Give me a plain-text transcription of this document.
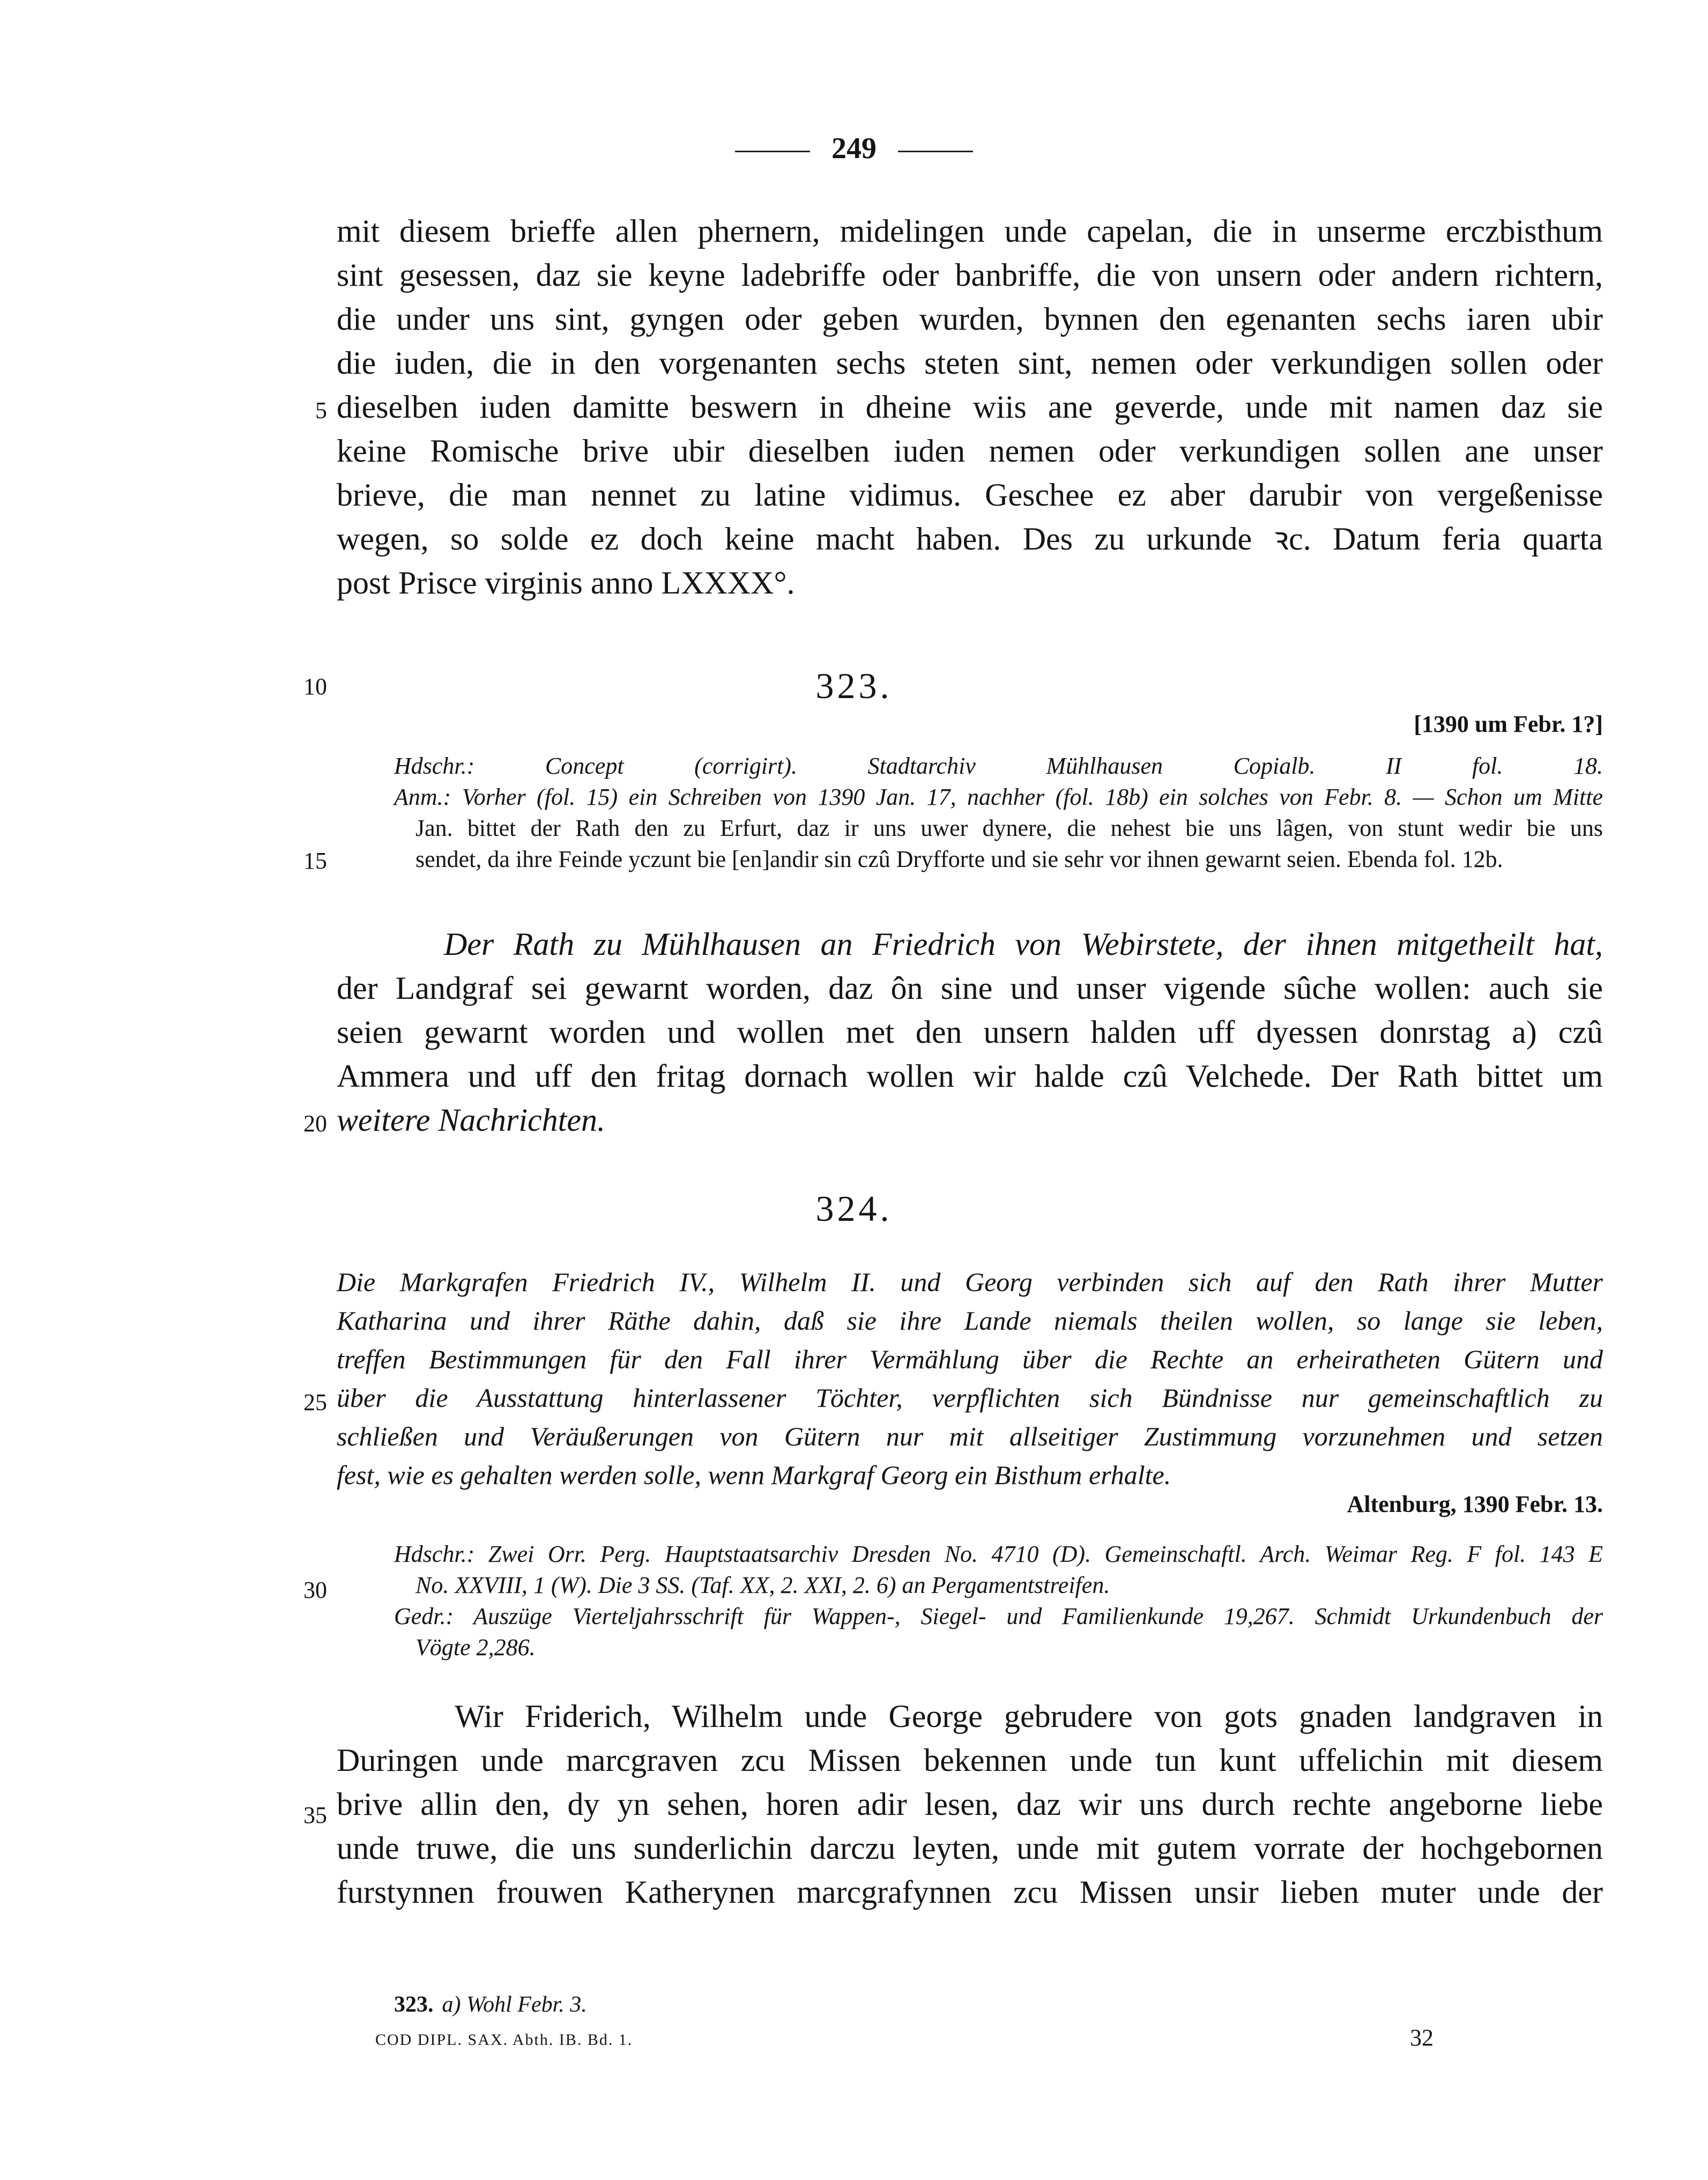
249
mit diesem brieffe allen phernern, midelingen unde capelan, die in unserme erczbisthum
sint gesessen, daz sie keyne ladebriffe oder banbriffe, die von unsern oder andern richtern,
die under uns sint, gyngen oder geben wurden, bynnen den egenanten sechs iaren ubir
die iuden, die in den vorgenanten sechs steten sint, nemen oder verkundigen sollen oder
dieselben iuden damitte beswern in dheine wiis ane geverde, unde mit namen daz sie
keine Romische brive ubir dieselben iuden nemen oder verkundigen sollen ane unser
brieve, die man nennet zu latine vidimus. Geschee ez aber darubir von vergeßenisse
wegen, so solde ez doch keine macht haben. Des zu urkunde ꝛc. Datum feria quarta
post Prisce virginis anno LXXXX°.
5
10
15
20
25
30
35
323.
[1390 um Febr. 1?]
Hdschr.: Concept (corrigirt). Stadtarchiv Mühlhausen Copialb. II fol. 18.
Anm.: Vorher (fol. 15) ein Schreiben von 1390 Jan. 17, nachher (fol. 18b) ein solches von Febr. 8. — Schon um Mitte
Jan. bittet der Rath den zu Erfurt, daz ir uns uwer dynere, die nehest bie uns lâgen, von stunt wedir bie uns
sendet, da ihre Feinde yczunt bie [en]andir sin czû Dryfforte und sie sehr vor ihnen gewarnt seien. Ebenda fol. 12b.
Der Rath zu Mühlhausen an Friedrich von Webirstete, der ihnen mitgetheilt hat,
der Landgraf sei gewarnt worden, daz ôn sine und unser vigende sûche wollen: auch sie
seien gewarnt worden und wollen met den unsern halden uff dyessen donrstag a) czû
Ammera und uff den fritag dornach wollen wir halde czû Velchede. Der Rath bittet um
weitere Nachrichten.
324.
Die Markgrafen Friedrich IV., Wilhelm II. und Georg verbinden sich auf den Rath ihrer Mutter
Katharina und ihrer Räthe dahin, daß sie ihre Lande niemals theilen wollen, so lange sie leben,
treffen Bestimmungen für den Fall ihrer Vermählung über die Rechte an erheiratheten Gütern und
über die Ausstattung hinterlassener Töchter, verpflichten sich Bündnisse nur gemeinschaftlich zu
schließen und Veräußerungen von Gütern nur mit allseitiger Zustimmung vorzunehmen und setzen
fest, wie es gehalten werden solle, wenn Markgraf Georg ein Bisthum erhalte.
Altenburg, 1390 Febr. 13.
Hdschr.: Zwei Orr. Perg. Hauptstaatsarchiv Dresden No. 4710 (D). Gemeinschaftl. Arch. Weimar Reg. F fol. 143 E
No. XXVIII, 1 (W). Die 3 SS. (Taf. XX, 2. XXI, 2. 6) an Pergamentstreifen.
Gedr.: Auszüge Vierteljahrsschrift für Wappen-, Siegel- und Familienkunde 19,267. Schmidt Urkundenbuch der
Vögte 2,286.
Wir Friderich, Wilhelm unde George gebrudere von gots gnaden landgraven in
Duringen unde marcgraven zcu Missen bekennen unde tun kunt uffelichin mit diesem
brive allin den, dy yn sehen, horen adir lesen, daz wir uns durch rechte angeborne liebe
unde truwe, die uns sunderlichin darczu leyten, unde mit gutem vorrate der hochgebornen
furstynnen frouwen Katherynen marcgrafynnen zcu Missen unsir lieben muter unde der
323. a) Wohl Febr. 3.
COD DIPL. SAX. Abth. IB. Bd. 1.	32
